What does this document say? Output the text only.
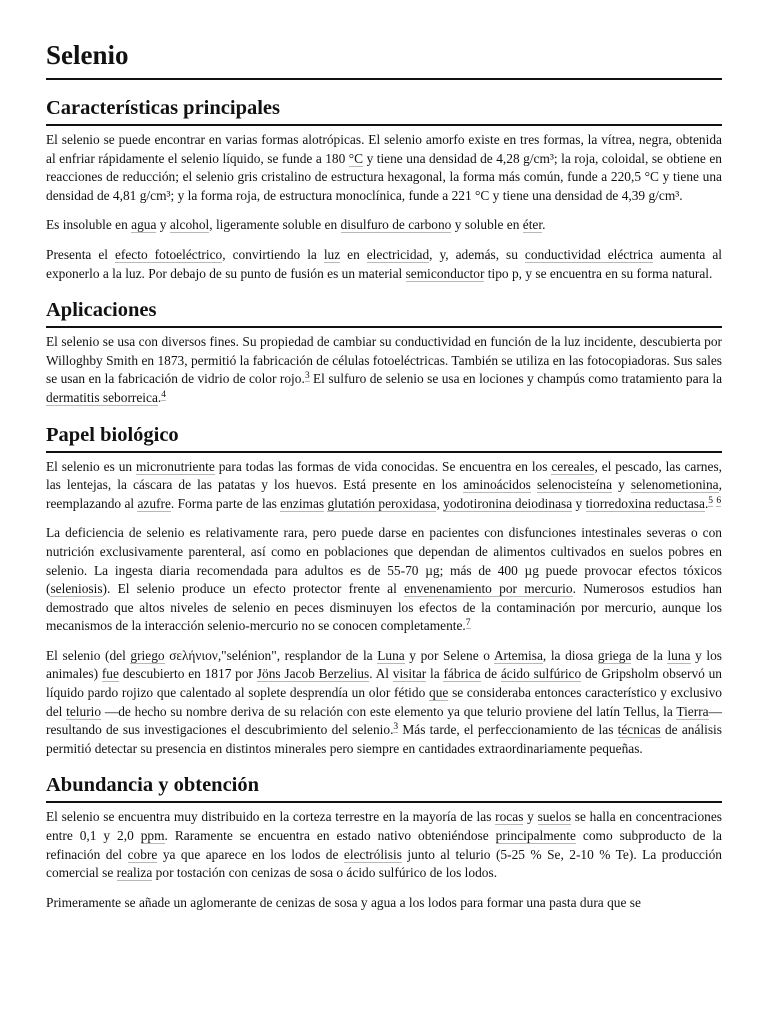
Selenio
Características principales

El selenio se puede encontrar en varias formas alotrópicas. El selenio amorfo existe en tres formas, la vítrea, negra, obtenida al enfriar rápidamente el selenio líquido, se funde a 180 °C y tiene una densidad de 4,28 g/cm³; la roja, coloidal, se obtiene en reacciones de reducción; el selenio gris cristalino de estructura hexagonal, la forma más común, funde a 220,5 °C y tiene una densidad de 4,81 g/cm³; y la forma roja, de estructura monoclínica, funde a 221 °C y tiene una densidad de 4,39 g/cm³.

Es insoluble en agua y alcohol, ligeramente soluble en disulfuro de carbono y soluble en éter.

Presenta el efecto fotoeléctrico, convirtiendo la luz en electricidad, y, además, su conductividad eléctrica aumenta al exponerlo a la luz. Por debajo de su punto de fusión es un material semiconductor tipo p, y se encuentra en su forma natural.

Aplicaciones

El selenio se usa con diversos fines. Su propiedad de cambiar su conductividad en función de la luz incidente, descubierta por Willoghby Smith en 1873, permitió la fabricación de células fotoeléctricas. También se utiliza en las fotocopiadoras. Sus sales se usan en la fabricación de vidrio de color rojo.$^3$ El sulfuro de selenio se usa en lociones y champús como tratamiento para la dermatitis seborreica.$^4$

Papel biológico

El selenio es un micronutriente para todas las formas de vida conocidas. Se encuentra en los cereales, el pescado, las carnes, las lentejas, la cáscara de las patatas y los huevos. Está presente en los aminoácidos selenocisteína y selenometionina, reemplazando al azufre. Forma parte de las enzimas glutatión peroxidasa, yodotironina deiodinasa y tiorredoxina reductasa.$^5$ $^6$

La deficiencia de selenio es relativamente rara, pero puede darse en pacientes con disfunciones intestinales severas o con nutrición exclusivamente parenteral, así como en poblaciones que dependan de alimentos cultivados en suelos pobres en selenio. La ingesta diaria recomendada para adultos es de 55-70 µg; más de 400 µg puede provocar efectos tóxicos (seleniosis). El selenio produce un efecto protector frente al envenenamiento por mercurio. Numerosos estudios han demostrado que altos niveles de selenio en peces disminuyen los efectos de la contaminación por mercurio, aunque los mecanismos de la interacción selenio-mercurio no se conocen completamente.$^7$

El selenio (del griego σελήνιον,"selénion", resplandor de la Luna y por Selene o Artemisa, la diosa griega de la luna y los animales) fue descubierto en 1817 por Jöns Jacob Berzelius. Al visitar la fábrica de ácido sulfúrico de Gripsholm observó un líquido pardo rojizo que calentado al soplete desprendía un olor fétido que se consideraba entonces característico y exclusivo del telurio —de hecho su nombre deriva de su relación con este elemento ya que telurio proviene del latín Tellus, la Tierra— resultando de sus investigaciones el descubrimiento del selenio.$^3$ Más tarde, el perfeccionamiento de las técnicas de análisis permitió detectar su presencia en distintos minerales pero siempre en cantidades extraordinariamente pequeñas.

Abundancia y obtención

El selenio se encuentra muy distribuido en la corteza terrestre en la mayoría de las rocas y suelos se halla en concentraciones entre 0,1 y 2,0 ppm. Raramente se encuentra en estado nativo obteniéndose principalmente como subproducto de la refinación del cobre ya que aparece en los lodos de electrólisis junto al telurio (5-25 % Se, 2-10 % Te). La producción comercial se realiza por tostación con cenizas de sosa o ácido sulfúrico de los lodos.

Primeramente se añade un aglomerante de cenizas de sosa y agua a los lodos para formar una pasta dura que se
